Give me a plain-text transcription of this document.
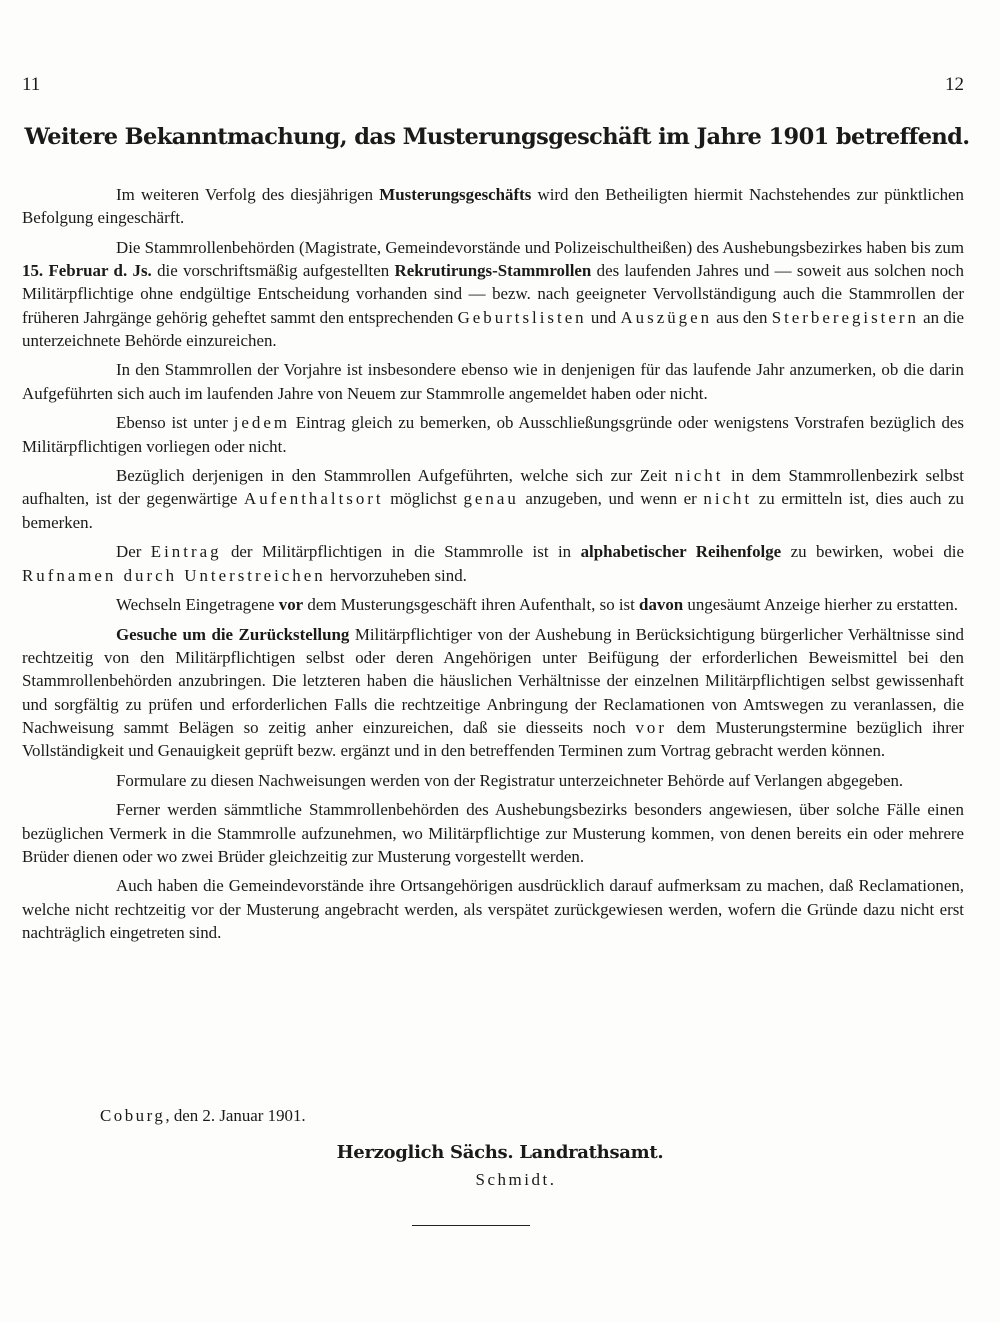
11	12
Weitere Bekanntmachung, das Musterungsgeschäft im Jahre 1901 betreffend.

Im weiteren Verfolg des diesjährigen Musterungsgeschäfts wird den Betheiligten hiermit Nachstehendes zur pünktlichen Befolgung eingeschärft.

Die Stammrollenbehörden (Magistrate, Gemeindevorstände und Polizeischultheißen) des Aushebungsbezirkes haben bis zum 15. Februar d. Js. die vorschriftsmäßig aufgestellten Rekrutirungs-Stammrollen des laufenden Jahres und — soweit aus solchen noch Militärpflichtige ohne endgültige Entscheidung vorhanden sind — bezw. nach geeigneter Vervollständigung auch die Stammrollen der früheren Jahrgänge gehörig geheftet sammt den entsprechenden Geburtslisten und Auszügen aus den Sterberegistern an die unterzeichnete Behörde einzureichen.

In den Stammrollen der Vorjahre ist insbesondere ebenso wie in denjenigen für das laufende Jahr anzumerken, ob die darin Aufgeführten sich auch im laufenden Jahre von Neuem zur Stammrolle angemeldet haben oder nicht.

Ebenso ist unter jedem Eintrag gleich zu bemerken, ob Ausschließungsgründe oder wenigstens Vorstrafen bezüglich des Militärpflichtigen vorliegen oder nicht.

Bezüglich derjenigen in den Stammrollen Aufgeführten, welche sich zur Zeit nicht in dem Stammrollenbezirk selbst aufhalten, ist der gegenwärtige Aufenthaltsort möglichst genau anzugeben, und wenn er nicht zu ermitteln ist, dies auch zu bemerken.

Der Eintrag der Militärpflichtigen in die Stammrolle ist in alphabetischer Reihenfolge zu bewirken, wobei die Rufnamen durch Unterstreichen hervorzuheben sind.

Wechseln Eingetragene vor dem Musterungsgeschäft ihren Aufenthalt, so ist davon ungesäumt Anzeige hierher zu erstatten.

Gesuche um die Zurückstellung Militärpflichtiger von der Aushebung in Berücksichtigung bürgerlicher Verhältnisse sind rechtzeitig von den Militärpflichtigen selbst oder deren Angehörigen unter Beifügung der erforderlichen Beweismittel bei den Stammrollenbehörden anzubringen. Die letzteren haben die häuslichen Verhältnisse der einzelnen Militärpflichtigen selbst gewissenhaft und sorgfältig zu prüfen und erforderlichen Falls die rechtzeitige Anbringung der Reclamationen von Amtswegen zu veranlassen, die Nachweisung sammt Belägen so zeitig anher einzureichen, daß sie diesseits noch vor dem Musterungstermine bezüglich ihrer Vollständigkeit und Genauigkeit geprüft bezw. ergänzt und in den betreffenden Terminen zum Vortrag gebracht werden können.

Formulare zu diesen Nachweisungen werden von der Registratur unterzeichneter Behörde auf Verlangen abgegeben.

Ferner werden sämmtliche Stammrollenbehörden des Aushebungsbezirks besonders angewiesen, über solche Fälle einen bezüglichen Vermerk in die Stammrolle aufzunehmen, wo Militärpflichtige zur Musterung kommen, von denen bereits ein oder mehrere Brüder dienen oder wo zwei Brüder gleichzeitig zur Musterung vorgestellt werden.

Auch haben die Gemeindevorstände ihre Ortsangehörigen ausdrücklich darauf aufmerksam zu machen, daß Reclamationen, welche nicht rechtzeitig vor der Musterung angebracht werden, als verspätet zurückgewiesen werden, wofern die Gründe dazu nicht erst nachträglich eingetreten sind.

Coburg, den 2. Januar 1901.
Herzoglich Sächs. Landrathsamt.
Schmidt.
